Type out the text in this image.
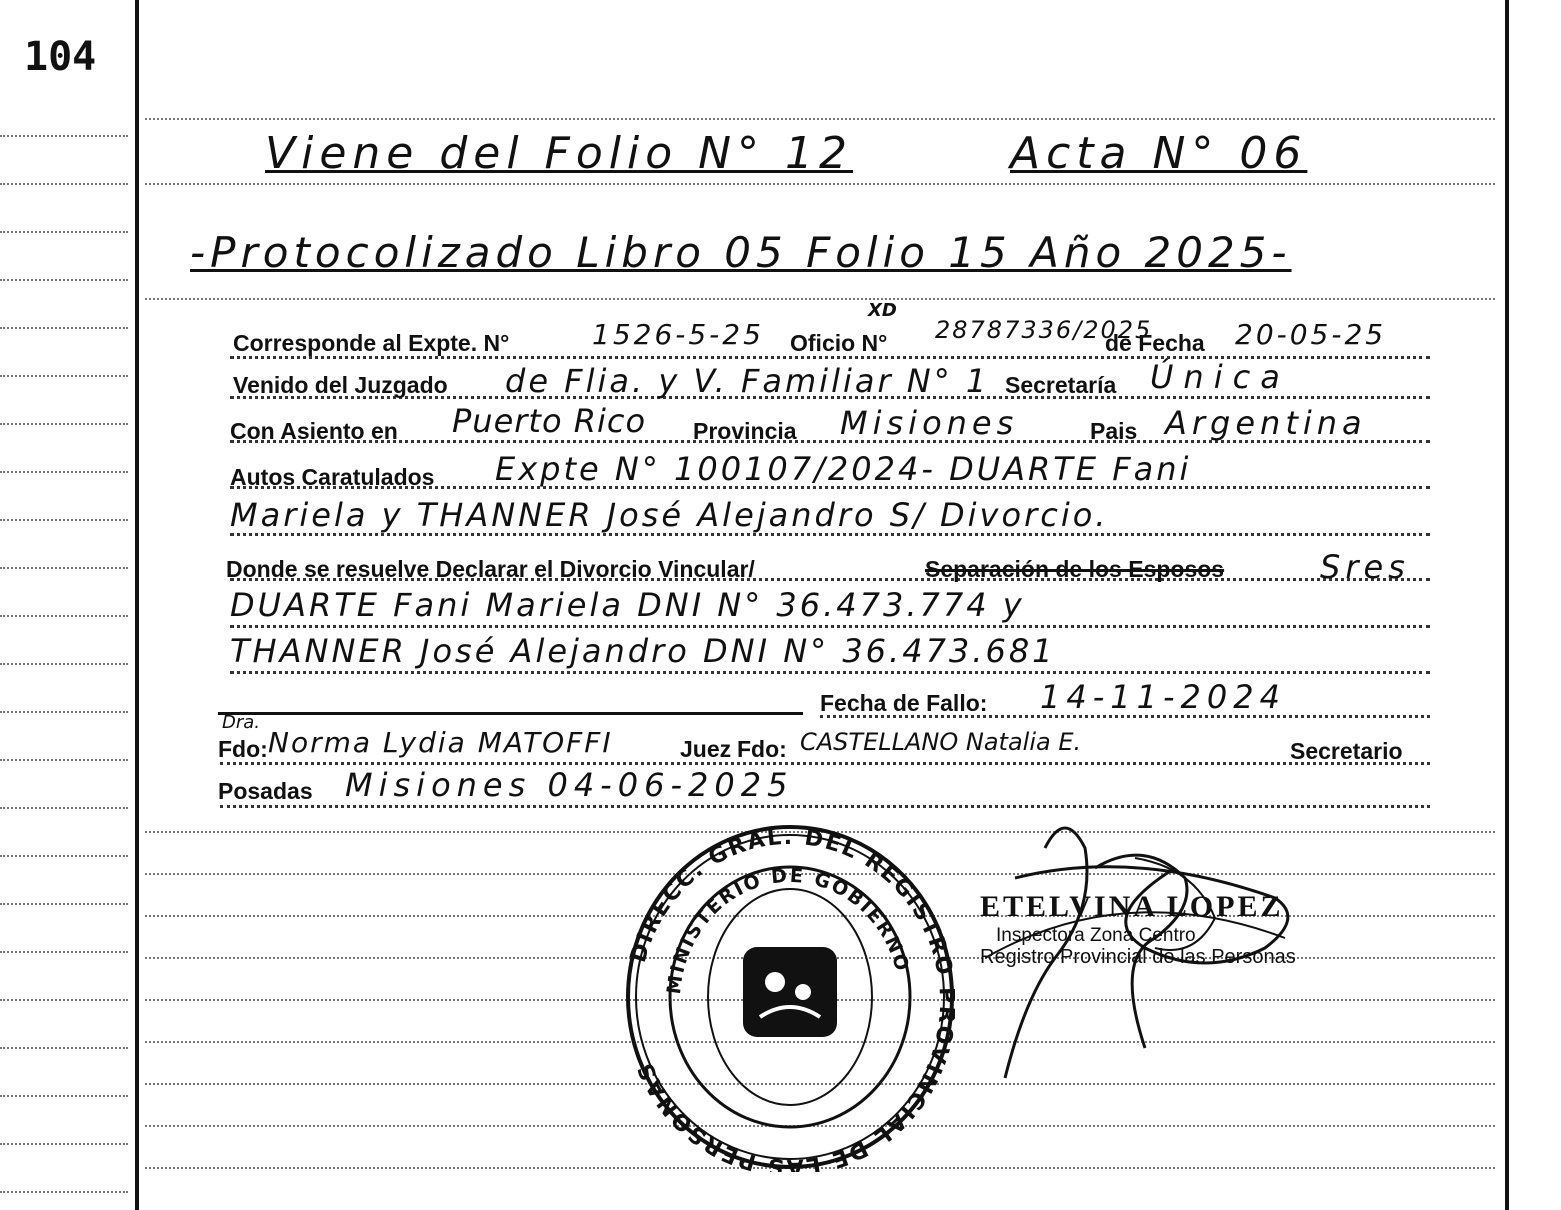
104
Viene del Folio N° 12	Acta N° 06
-Protocolizado Libro 05 Folio 15 Año 2025-
Corresponde al Expte. N°	1526-5-25 Oficio N°
XD
28787336/2025
de Fecha 20-05-25
Venido del Juzgado de Flia. y V. Familiar N° 1 Secretaría Única
Con Asiento en Puerto Rico Provincia Misiones	Pais Argentina
Autos Caratulados Expte N° 100107/2024- DUARTE Fani
Mariela y THANNER José Alejandro S/ Divorcio.
Donde se resuelve Declarar el Divorcio Vincular/	Separación de los Esposos	Sres
DUARTE Fani Mariela DNI N° 36.473.774 y
THANNER José Alejandro DNI N° 36.473.681
Fecha de Fallo: 14-11-2024
Dra.
Fdo: Norma Lydia MATOFFI	Juez Fdo: CASTELLANO Natalia E.	Secretario
Posadas Misiones 04-06-2025
DIRECC. GRAL. DEL REGISTRO OVINCIAL DE LAS PERSONAS
MINISTERIO DE GOBIERNO
ETELVINA LOPEZ
Inspectora Zona Centro
Registro Provincial de las Personas
